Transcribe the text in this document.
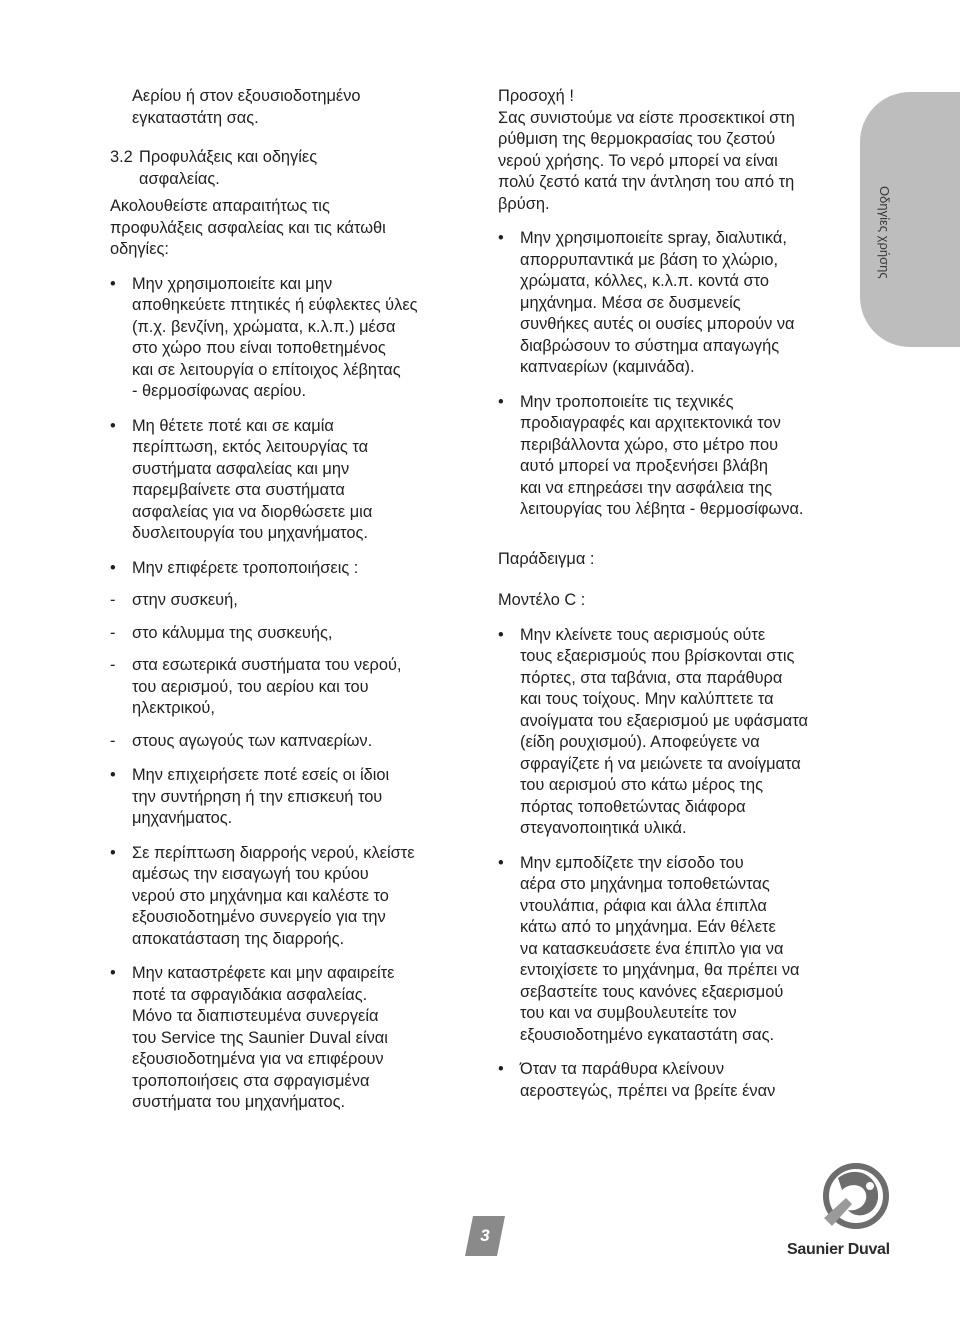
Οδηγίες χρήσης
Αερίου ή στον εξουσιοδοτημένο
εγκαταστάτη σας.
3.2 Προφυλάξεις και οδηγίες
ασφαλείας.
Ακολουθείστε απαραιτήτως τις
προφυλάξεις ασφαλείας και τις κάτωθι
οδηγίες:
• Μην χρησιμοποιείτε και μην
αποθηκεύετε πτητικές ή εύφλεκτες ύλες
(π.χ. βενζίνη, χρώματα, κ.λ.π.) μέσα
στο χώρο που είναι τοποθετημένος
και σε λειτουργία ο επίτοιχος λέβητας
- θερμοσίφωνας αερίου.
• Μη θέτετε ποτέ και σε καμία
περίπτωση, εκτός λειτουργίας τα
συστήματα ασφαλείας και μην
παρεμβαίνετε στα συστήματα
ασφαλείας για να διορθώσετε μια
δυσλειτουργία του μηχανήματος.
• Μην επιφέρετε τροποποιήσεις :
- στην συσκευή,
- στο κάλυμμα της συσκευής,
- στα εσωτερικά συστήματα του νερού,
του αερισμού, του αερίου και του
ηλεκτρικού,
- στους αγωγούς των καπναερίων.
• Μην επιχειρήσετε ποτέ εσείς οι ίδιοι
την συντήρηση ή την επισκευή του
μηχανήματος.
• Σε περίπτωση διαρροής νερού, κλείστε
αμέσως την εισαγωγή του κρύου
νερού στο μηχάνημα και καλέστε το
εξουσιοδοτημένο συνεργείο για την
αποκατάσταση της διαρροής.
• Μην καταστρέφετε και μην αφαιρείτε
ποτέ τα σφραγιδάκια ασφαλείας.
Μόνο τα διαπιστευμένα συνεργεία
του Service της Saunier Duval είναι
εξουσιοδοτημένα για να επιφέρουν
τροποποιήσεις στα σφραγισμένα
συστήματα του μηχανήματος.
Προσοχή !
Σας συνιστούμε να είστε προσεκτικοί στη
ρύθμιση της θερμοκρασίας του ζεστού
νερού χρήσης. Το νερό μπορεί να είναι
πολύ ζεστό κατά την άντληση του από τη
βρύση.
• Μην χρησιμοποιείτε spray, διαλυτικά,
απορρυπαντικά με βάση το χλώριο,
χρώματα, κόλλες, κ.λ.π. κοντά στο
μηχάνημα. Μέσα σε δυσμενείς
συνθήκες αυτές οι ουσίες μπορούν να
διαβρώσουν το σύστημα απαγωγής
καπναερίων (καμινάδα).
• Μην τροποποιείτε τις τεχνικές
προδιαγραφές και αρχιτεκτονικά τον
περιβάλλοντα χώρο, στο μέτρο που
αυτό μπορεί να προξενήσει βλάβη
και να επηρεάσει την ασφάλεια της
λειτουργίας του λέβητα - θερμοσίφωνα.

Παράδειγμα :

Μοντέλο C :

• Μην κλείνετε τους αερισμούς ούτε
τους εξαερισμούς που βρίσκονται στις
πόρτες, στα ταβάνια, στα παράθυρα
και τους τοίχους. Μην καλύπτετε τα
ανοίγματα του εξαερισμού με υφάσματα
(είδη ρουχισμού). Αποφεύγετε να
σφραγίζετε ή να μειώνετε τα ανοίγματα
του αερισμού στο κάτω μέρος της
πόρτας τοποθετώντας διάφορα
στεγανοποιητικά υλικά.
• Μην εμποδίζετε την είσοδο του
αέρα στο μηχάνημα τοποθετώντας
ντουλάπια, ράφια και άλλα έπιπλα
κάτω από το μηχάνημα. Εάν θέλετε
να κατασκευάσετε ένα έπιπλο για να
εντοιχίσετε το μηχάνημα, θα πρέπει να
σεβαστείτε τους κανόνες εξαερισμού
του και να συμβουλευτείτε τον
εξουσιοδοτημένο εγκαταστάτη σας.
• Όταν τα παράθυρα κλείνουν
αεροστεγώς, πρέπει να βρείτε έναν
3
Saunier Duval
